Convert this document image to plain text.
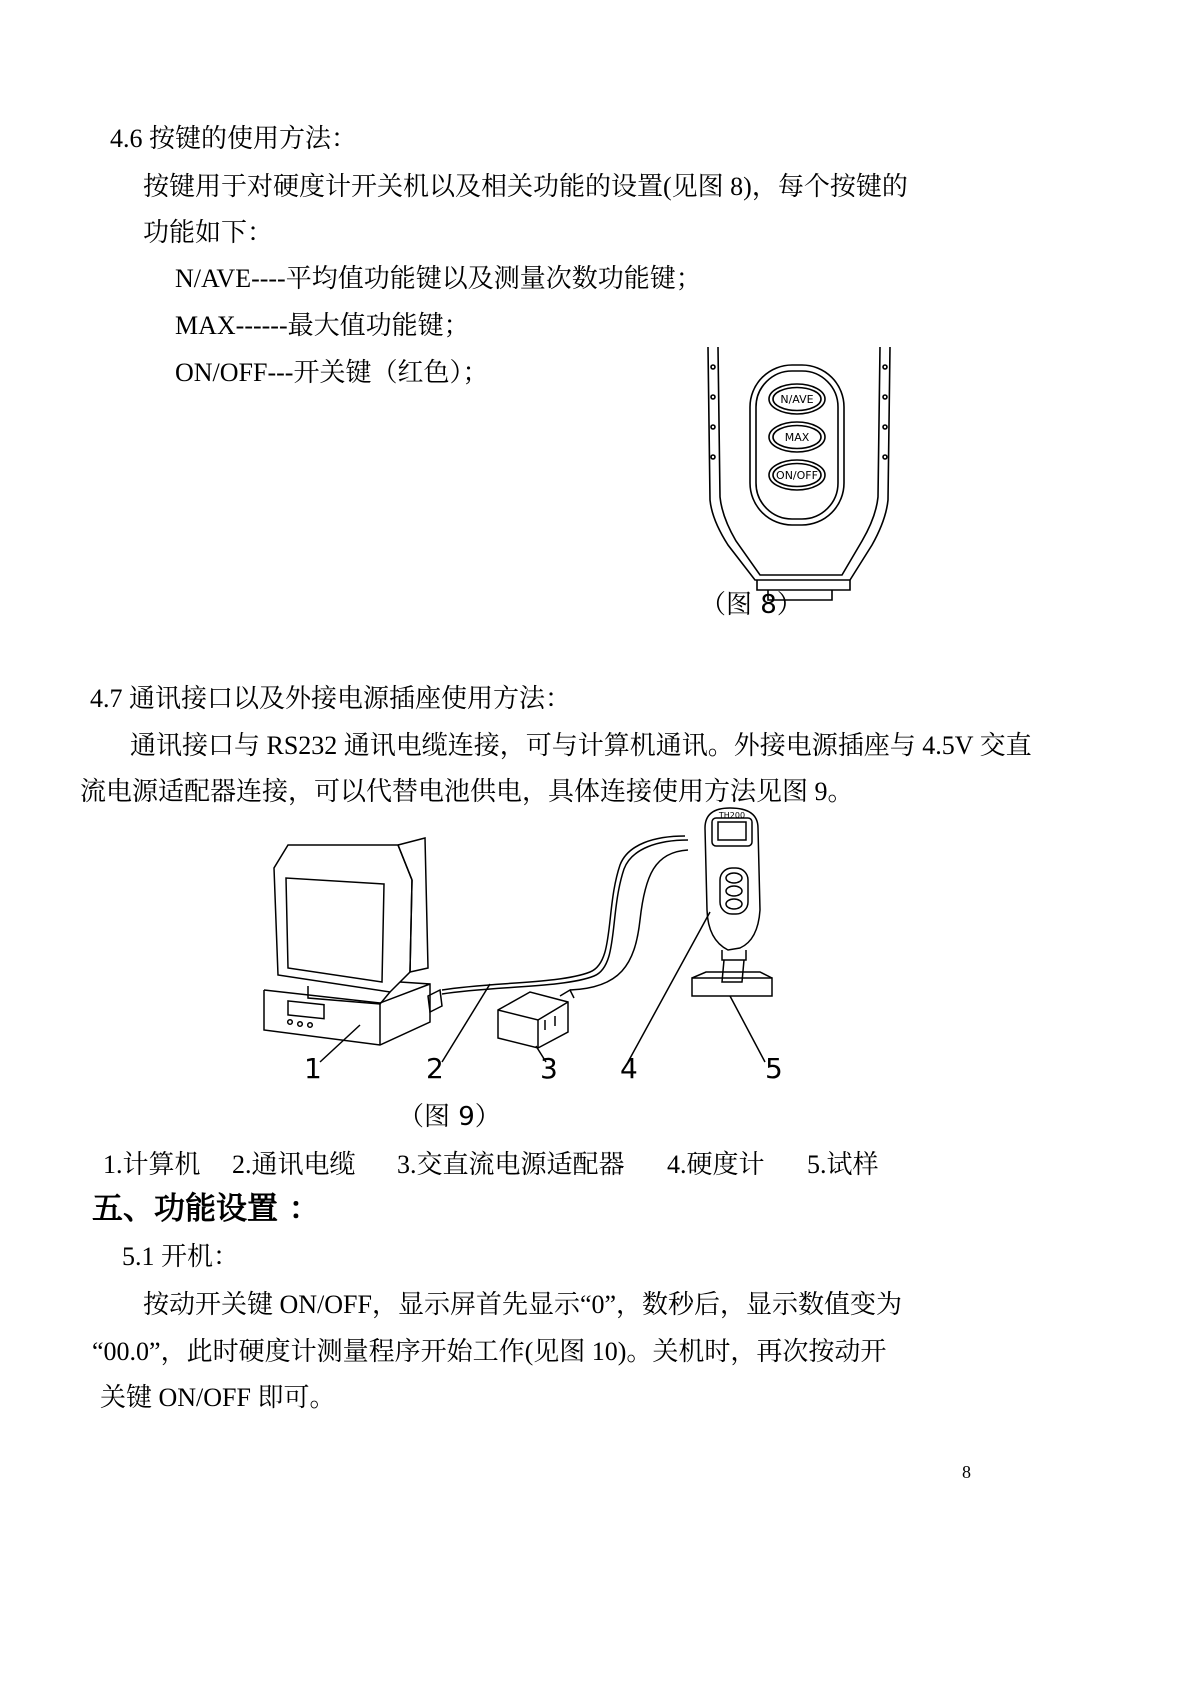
4.6 按键的使用方法：
按键用于对硬度计开关机以及相关功能的设置(见图 8)，每个按键的
功能如下：
N/AVE----平均值功能键以及测量次数功能键；
MAX------最大值功能键；
ON/OFF---开关键（红色）；
N/AVE
MAX
ON/OFF
（图 8）
4.7 通讯接口以及外接电源插座使用方法：
通讯接口与 RS232 通讯电缆连接，可与计算机通讯。外接电源插座与 4.5V 交直
流电源适配器连接，可以代替电池供电，具体连接使用方法见图 9。
TH200
1	2	3 4	5
（图 9）
1.计算机 2.通讯电缆 3.交直流电源适配器 4.硬度计 5.试样
五、功能设置 ：
5.1 开机：
按动开关键 ON/OFF，显示屏首先显示“0”，数秒后，显示数值变为
“00.0”，此时硬度计测量程序开始工作(见图 10)。关机时，再次按动开
关键 ON/OFF 即可。
8
